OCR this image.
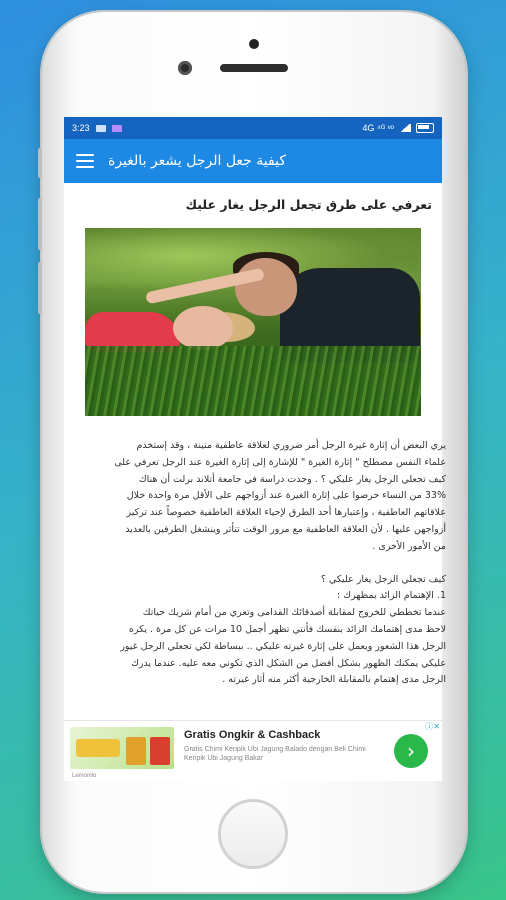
3:23	4G ⁴ᴳ ᵛᵒ
كيفية جعل الرجل يشعر بالغيرة
تعرفي على طرق تجعل الرجل يغار عليك

يري البعض أن إثارة غيرة الرجل أمر ضروري لعلاقة عاطفية متينة ، وقد إستخدم

علماء النفس مصطلح " إثارة الغيرة " للإشارة إلى إثارة الغيرة عند الرجل تعرفي على

كيف تجعلي الرجل يغار عليكي ؟ . وجدت دراسة في جامعة أتلاند برلت أن هناك

33% من النساء حرصوا على إثارة الغيرة عند أزواجهم على الأقل مرة واحدة خلال

علاقاتهم العاطفية ، وإعتبارها أحد الطرق لإحياء العلاقة العاطفية خصوصاً عند تركيز

أزواجهن عليها . لأن العلاقة العاطفية مع مرور الوقت تتأثر وينشغل الطرفين بالعديد

من الأمور الأخرى .

كيف تجعلي الرجل يغار عليكي ؟

1. الإهتمام الزائد بمظهرك :

عندما تخططي للخروج لمقابلة أصدقائك القدامى وتعري من أمام شريك حياتك

لاحظ مدى إهتمامك الزائد بنفسك فأنتي تظهر أجمل 10 مرات عن كل مرة . يكره

الرجل هذا الشعور ويعمل على إثارة غيرته عليكي .. ببساطة لكي تجعلي الرجل غيور

عليكي يمكنك الظهور بشكل أفضل من الشكل الذي تكوني معه عليه. عندما يدرك

الرجل مدى إهتمام بالمقابلة الخارجية أكثر منه أثار غيرته .

Lemonilo
Gratis Ongkir & Cashback
Gratis Chimi Keripik Ubi Jagung Balado dengan Beli Chimi Keripik Ubi Jagung Bakar	›
ⓘ✕
